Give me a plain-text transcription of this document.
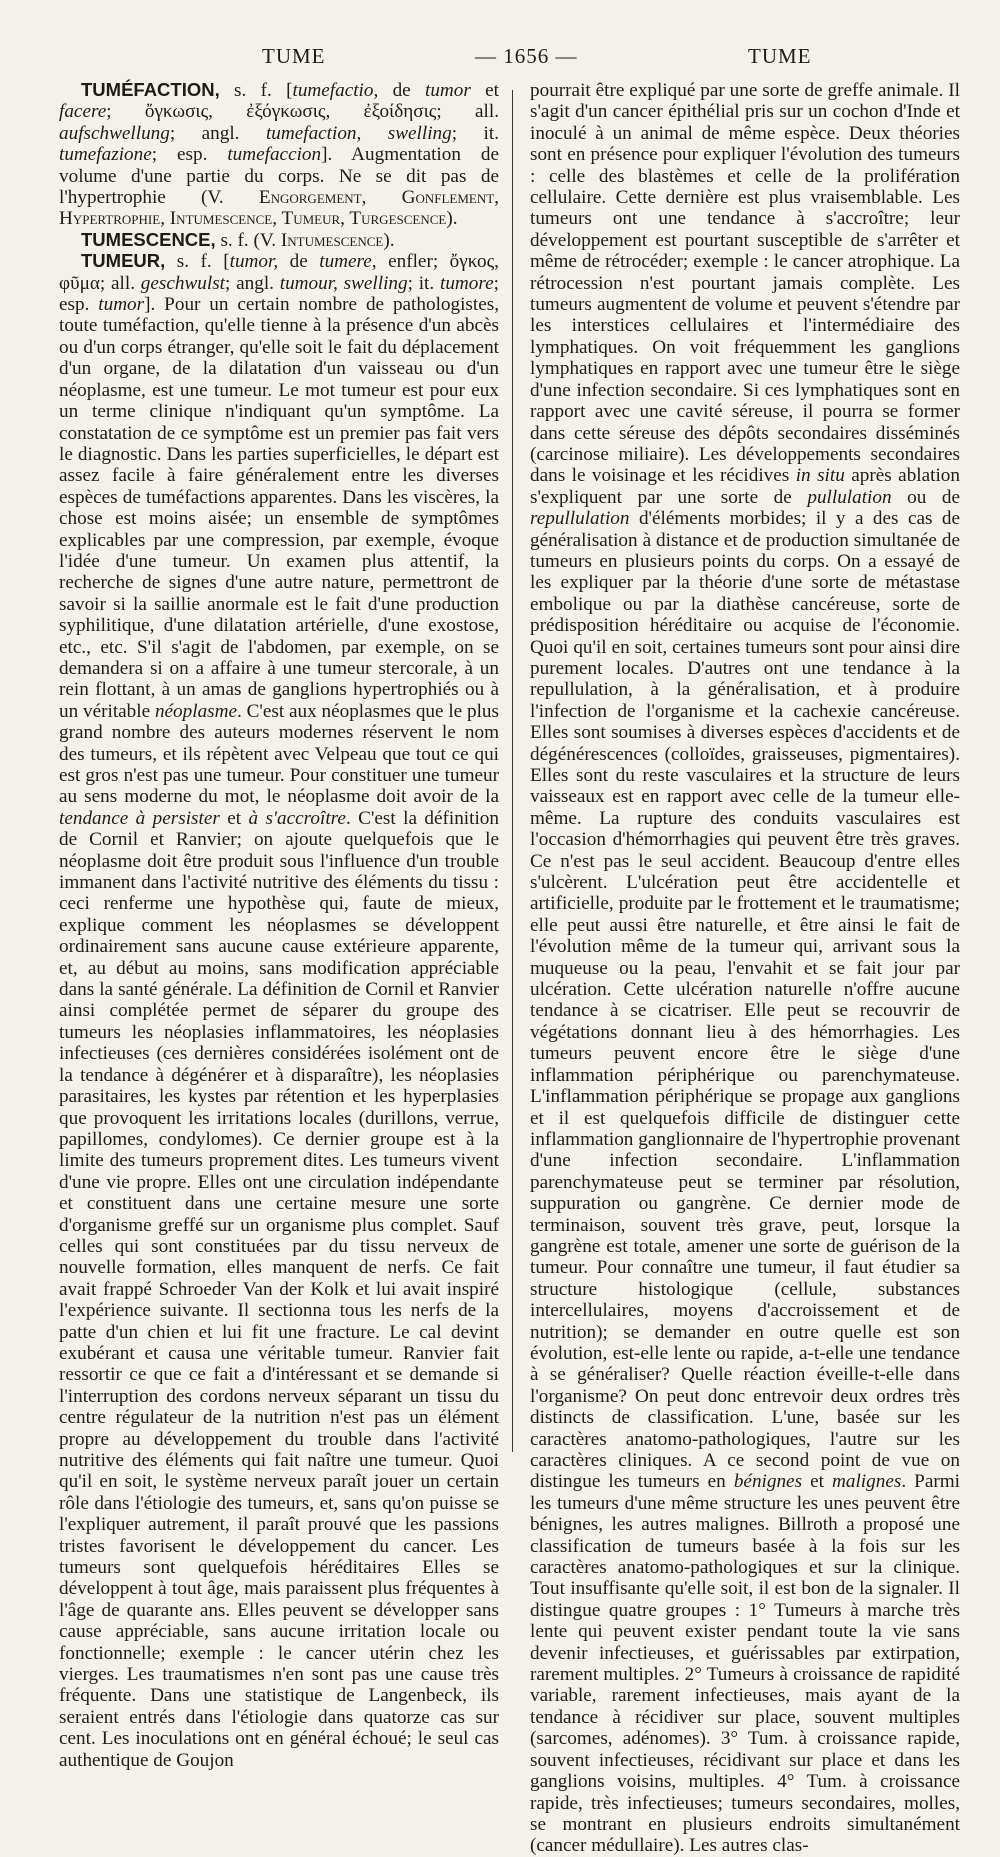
TUME	— 1656 —	TUME

TUMÉFACTION, s. f. [tumefactio, de tumor et facere; ὄγκωσις, ἐξόγκωσις, ἐξοίδησις; all. aufschwellung; angl. tumefaction, swelling; it. tumefazione; esp. tumefaccion]. Augmentation de volume d'une partie du corps. Ne se dit pas de l'hypertrophie (V. Engorgement, Gonflement, Hypertrophie, Intumescence, Tumeur, Turgescence).

TUMESCENCE, s. f. (V. Intumescence).

TUMEUR, s. f. [tumor, de tumere, enfler; ὄγκος, φῦμα; all. geschwulst; angl. tumour, swelling; it. tumore; esp. tumor]. Pour un certain nombre de pathologistes, toute tuméfaction, qu'elle tienne à la présence d'un abcès ou d'un corps étranger, qu'elle soit le fait du déplacement d'un organe, de la dilatation d'un vaisseau ou d'un néoplasme, est une tumeur. Le mot tumeur est pour eux un terme clinique n'indiquant qu'un symptôme. La constatation de ce symptôme est un premier pas fait vers le diagnostic. Dans les parties superficielles, le départ est assez facile à faire généralement entre les diverses espèces de tuméfactions apparentes. Dans les viscères, la chose est moins aisée; un ensemble de symptômes explicables par une compression, par exemple, évoque l'idée d'une tumeur. Un examen plus attentif, la recherche de signes d'une autre nature, permettront de savoir si la saillie anormale est le fait d'une production syphilitique, d'une dilatation artérielle, d'une exostose, etc., etc. S'il s'agit de l'abdomen, par exemple, on se demandera si on a affaire à une tumeur stercorale, à un rein flottant, à un amas de ganglions hypertrophiés ou à un véritable néoplasme. C'est aux néoplasmes que le plus grand nombre des auteurs modernes réservent le nom des tumeurs, et ils répètent avec Velpeau que tout ce qui est gros n'est pas une tumeur. Pour constituer une tumeur au sens moderne du mot, le néoplasme doit avoir de la tendance à persister et à s'accroître. C'est la définition de Cornil et Ranvier; on ajoute quelquefois que le néoplasme doit être produit sous l'influence d'un trouble immanent dans l'activité nutritive des éléments du tissu : ceci renferme une hypothèse qui, faute de mieux, explique comment les néoplasmes se développent ordinairement sans aucune cause extérieure apparente, et, au début au moins, sans modification appréciable dans la santé générale. La définition de Cornil et Ranvier ainsi complétée permet de séparer du groupe des tumeurs les néoplasies inflammatoires, les néoplasies infectieuses (ces dernières considérées isolément ont de la tendance à dégénérer et à disparaître), les néoplasies parasitaires, les kystes par rétention et les hyperplasies que provoquent les irritations locales (durillons, verrue, papillomes, condylomes). Ce dernier groupe est à la limite des tumeurs proprement dites. Les tumeurs vivent d'une vie propre. Elles ont une circulation indépendante et constituent dans une certaine mesure une sorte d'organisme greffé sur un organisme plus complet. Sauf celles qui sont constituées par du tissu nerveux de nouvelle formation, elles manquent de nerfs. Ce fait avait frappé Schroeder Van der Kolk et lui avait inspiré l'expérience suivante. Il sectionna tous les nerfs de la patte d'un chien et lui fit une fracture. Le cal devint exubérant et causa une véritable tumeur. Ranvier fait ressortir ce que ce fait a d'intéressant et se demande si l'interruption des cordons nerveux séparant un tissu du centre régulateur de la nutrition n'est pas un élément propre au développement du trouble dans l'activité nutritive des éléments qui fait naître une tumeur. Quoi qu'il en soit, le système nerveux paraît jouer un certain rôle dans l'étiologie des tumeurs, et, sans qu'on puisse se l'expliquer autrement, il paraît prouvé que les passions tristes favorisent le développement du cancer. Les tumeurs sont quelquefois héréditaires Elles se développent à tout âge, mais paraissent plus fréquentes à l'âge de quarante ans. Elles peuvent se développer sans cause appréciable, sans aucune irritation locale ou fonctionnelle; exemple : le cancer utérin chez les vierges. Les traumatismes n'en sont pas une cause très fréquente. Dans une statistique de Langenbeck, ils seraient entrés dans l'étiologie dans quatorze cas sur cent. Les inoculations ont en général échoué; le seul cas authentique de Goujon

pourrait être expliqué par une sorte de greffe animale. Il s'agit d'un cancer épithélial pris sur un cochon d'Inde et inoculé à un animal de même espèce. Deux théories sont en présence pour expliquer l'évolution des tumeurs : celle des blastèmes et celle de la prolifération cellulaire. Cette dernière est plus vraisemblable. Les tumeurs ont une tendance à s'accroître; leur développement est pourtant susceptible de s'arrêter et même de rétrocéder; exemple : le cancer atrophique. La rétrocession n'est pourtant jamais complète. Les tumeurs augmentent de volume et peuvent s'étendre par les interstices cellulaires et l'intermédiaire des lymphatiques. On voit fréquemment les ganglions lymphatiques en rapport avec une tumeur être le siège d'une infection secondaire. Si ces lymphatiques sont en rapport avec une cavité séreuse, il pourra se former dans cette séreuse des dépôts secondaires disséminés (carcinose miliaire). Les développements secondaires dans le voisinage et les récidives in situ après ablation s'expliquent par une sorte de pullulation ou de repullulation d'éléments morbides; il y a des cas de généralisation à distance et de production simultanée de tumeurs en plusieurs points du corps. On a essayé de les expliquer par la théorie d'une sorte de métastase embolique ou par la diathèse cancéreuse, sorte de prédisposition héréditaire ou acquise de l'économie. Quoi qu'il en soit, certaines tumeurs sont pour ainsi dire purement locales. D'autres ont une tendance à la repullulation, à la généralisation, et à produire l'infection de l'organisme et la cachexie cancéreuse. Elles sont soumises à diverses espèces d'accidents et de dégénérescences (colloïdes, graisseuses, pigmentaires). Elles sont du reste vasculaires et la structure de leurs vaisseaux est en rapport avec celle de la tumeur elle-même. La rupture des conduits vasculaires est l'occasion d'hémorrhagies qui peuvent être très graves. Ce n'est pas le seul accident. Beaucoup d'entre elles s'ulcèrent. L'ulcération peut être accidentelle et artificielle, produite par le frottement et le traumatisme; elle peut aussi être naturelle, et être ainsi le fait de l'évolution même de la tumeur qui, arrivant sous la muqueuse ou la peau, l'envahit et se fait jour par ulcération. Cette ulcération naturelle n'offre aucune tendance à se cicatriser. Elle peut se recouvrir de végétations donnant lieu à des hémorrhagies. Les tumeurs peuvent encore être le siège d'une inflammation périphérique ou parenchymateuse. L'inflammation périphérique se propage aux ganglions et il est quelquefois difficile de distinguer cette inflammation ganglionnaire de l'hypertrophie provenant d'une infection secondaire. L'inflammation parenchymateuse peut se terminer par résolution, suppuration ou gangrène. Ce dernier mode de terminaison, souvent très grave, peut, lorsque la gangrène est totale, amener une sorte de guérison de la tumeur. Pour connaître une tumeur, il faut étudier sa structure histologique (cellule, substances intercellulaires, moyens d'accroissement et de nutrition); se demander en outre quelle est son évolution, est-elle lente ou rapide, a-t-elle une tendance à se généraliser? Quelle réaction éveille-t-elle dans l'organisme? On peut donc entrevoir deux ordres très distincts de classification. L'une, basée sur les caractères anatomo-pathologiques, l'autre sur les caractères cliniques. A ce second point de vue on distingue les tumeurs en bénignes et malignes. Parmi les tumeurs d'une même structure les unes peuvent être bénignes, les autres malignes. Billroth a proposé une classification de tumeurs basée à la fois sur les caractères anatomo-pathologiques et sur la clinique. Tout insuffisante qu'elle soit, il est bon de la signaler. Il distingue quatre groupes : 1° Tumeurs à marche très lente qui peuvent exister pendant toute la vie sans devenir infectieuses, et guérissables par extirpation, rarement multiples. 2° Tumeurs à croissance de rapidité variable, rarement infectieuses, mais ayant de la tendance à récidiver sur place, souvent multiples (sarcomes, adénomes). 3° Tum. à croissance rapide, souvent infectieuses, récidivant sur place et dans les ganglions voisins, multiples. 4° Tum. à croissance rapide, très infectieuses; tumeurs secondaires, molles, se montrant en plusieurs endroits simultanément (cancer médullaire). Les autres clas-
